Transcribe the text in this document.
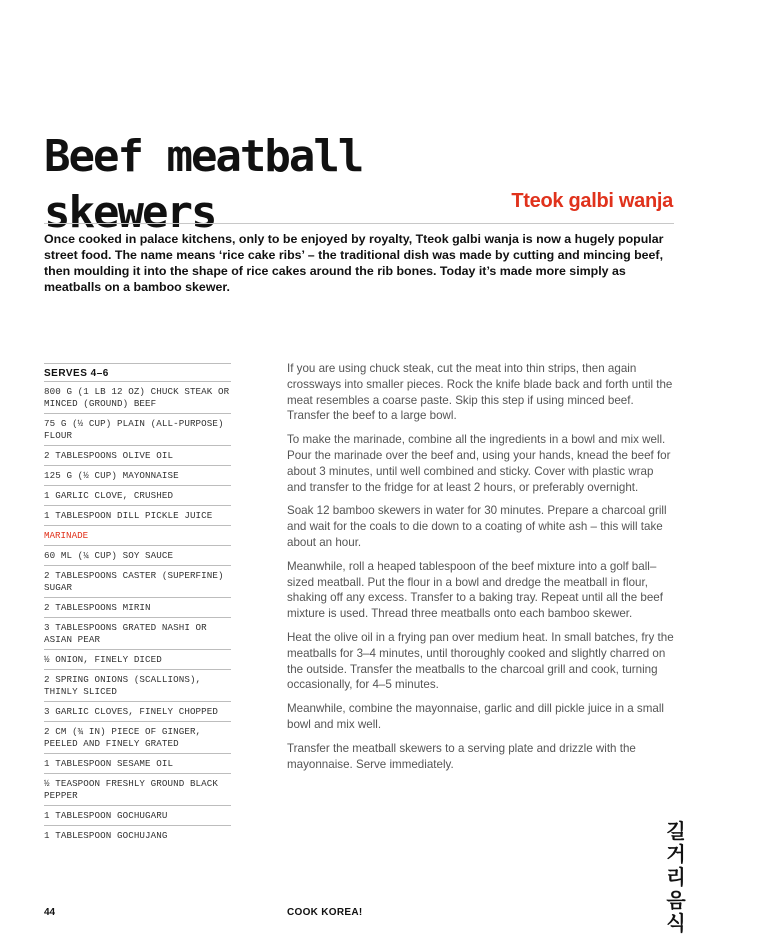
Beef meatball skewers	Tteok galbi wanja

Once cooked in palace kitchens, only to be enjoyed by royalty, Tteok galbi wanja is now a hugely popular street food. The name means ‘rice cake ribs’ – the traditional dish was made by cutting and mincing beef, then moulding it into the shape of rice cakes around the rib bones. Today it’s made more simply as meatballs on a bamboo skewer.

SERVES 4–6
800 G (1 LB 12 OZ) CHUCK STEAK OR MINCED (GROUND) BEEF
75 G (½ CUP) PLAIN (ALL-PURPOSE) FLOUR
2 TABLESPOONS OLIVE OIL
125 G (½ CUP) MAYONNAISE
1 GARLIC CLOVE, CRUSHED
1 TABLESPOON DILL PICKLE JUICE
MARINADE
60 ML (¼ CUP) SOY SAUCE
2 TABLESPOONS CASTER (SUPERFINE) SUGAR
2 TABLESPOONS MIRIN
3 TABLESPOONS GRATED NASHI OR ASIAN PEAR
½ ONION, FINELY DICED
2 SPRING ONIONS (SCALLIONS), THINLY SLICED
3 GARLIC CLOVES, FINELY CHOPPED
2 CM (¾ IN) PIECE OF GINGER, PEELED AND FINELY GRATED
1 TABLESPOON SESAME OIL
½ TEASPOON FRESHLY GROUND BLACK PEPPER
1 TABLESPOON GOCHUGARU
1 TABLESPOON GOCHUJANG

If you are using chuck steak, cut the meat into thin strips, then again crossways into smaller pieces. Rock the knife blade back and forth until the meat resembles a coarse paste. Skip this step if using minced beef. Transfer the beef to a large bowl.

To make the marinade, combine all the ingredients in a bowl and mix well. Pour the marinade over the beef and, using your hands, knead the beef for about 3 minutes, until well combined and sticky. Cover with plastic wrap and transfer to the fridge for at least 2 hours, or preferably overnight.

Soak 12 bamboo skewers in water for 30 minutes. Prepare a charcoal grill and wait for the coals to die down to a coating of white ash – this will take about an hour.

Meanwhile, roll a heaped tablespoon of the beef mixture into a golf ball–sized meatball. Put the flour in a bowl and dredge the meatball in flour, shaking off any excess. Transfer to a baking tray. Repeat until all the beef mixture is used. Thread three meatballs onto each bamboo skewer.

Heat the olive oil in a frying pan over medium heat. In small batches, fry the meatballs for 3–4 minutes, until thoroughly cooked and slightly charred on the outside. Transfer the meatballs to the charcoal grill and cook, turning occasionally, for 4–5 minutes.

Meanwhile, combine the mayonnaise, garlic and dill pickle juice in a small bowl and mix well.

Transfer the meatball skewers to a serving plate and drizzle with the mayonnaise. Serve immediately.

길
거
리
음
식
44	COOK KOREA!
